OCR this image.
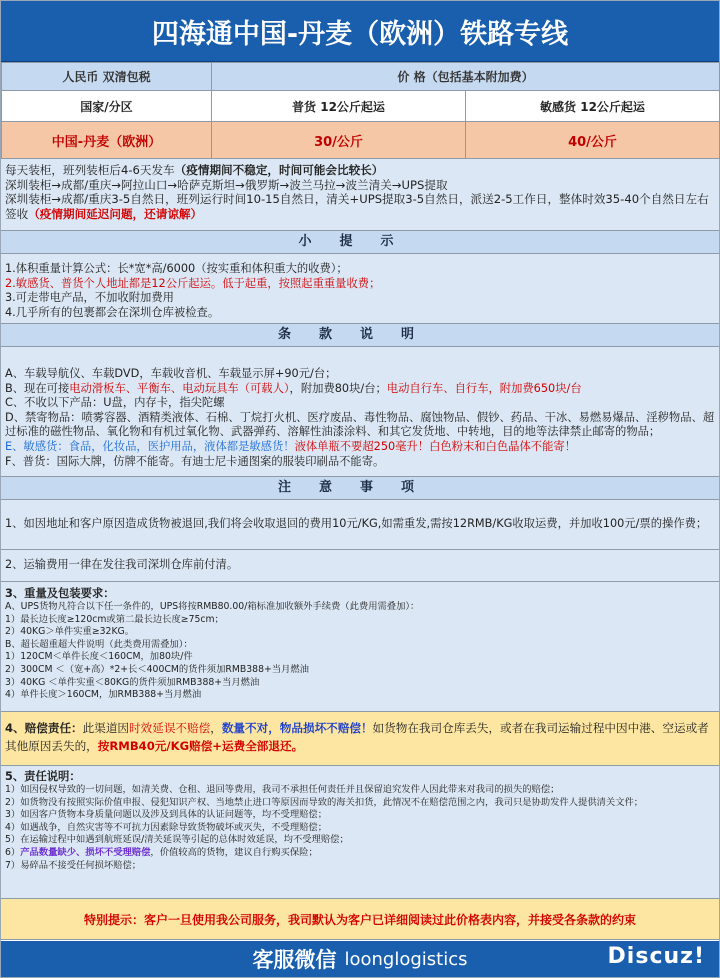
四海通中国-丹麦（欧洲）铁路专线
人民币 双清包税	价 格（包括基本附加费）	
国家/分区	普货 12公斤起运	敏感货 12公斤起运
中国-丹麦（欧洲）	30/公斤	40/公斤

每天装柜，班列装柜后4-6天发车（疫情期间不稳定，时间可能会比较长）

深圳装柜→成都/重庆→阿拉山口→哈萨克斯坦→俄罗斯→波兰马拉→波兰清关→UPS提取

深圳装柜→成都/重庆3-5自然日，班列运行时间10-15自然日，清关+UPS提取3-5自然日，派送2-5工作日，整体时效35-40个自然日左右签收（疫情期间延迟问题，还请谅解）

小提示

1.体积重量计算公式：长*宽*高/6000（按实重和体积重大的收费）；

2.敏感货、普货个人地址都是12公斤起运。低于起重，按照起重重量收费；

3.可走带电产品，不加收附加费用

4.几乎所有的包裹都会在深圳仓库被检查。

条款说明

A、车载导航仪、车载DVD，车载收音机、车载显示屏+90元/台；

B、现在可接电动滑板车、平衡车、电动玩具车（可载人），附加费80块/台；电动自行车、自行车，附加费650块/台

C、不收以下产品：U盘，内存卡，指尖陀螺

D、禁寄物品：喷雾容器、酒精类液体、石棉、丁烷打火机、医疗废品、毒性物品、腐蚀物品、假钞、药品、干冰、易燃易爆品、淫秽物品、超过标准的磁性物品、氧化物和有机过氧化物、武器弹药、溶解性油漆涂料、和其它发货地、中转地，目的地等法律禁止邮寄的物品；

E、敏感货：食品，化妆品，医护用品，液体都是敏感货！液体单瓶不要超250毫升！白色粉末和白色晶体不能寄！

F、普货：国际大牌，仿牌不能寄。有迪士尼卡通图案的服装印刷品不能寄。

注意事项

1、如因地址和客户原因造成货物被退回,我们将会收取退回的费用10元/KG,如需重发,需按12RMB/KG收取运费，并加收100元/票的操作费；

2、运输费用一律在发往我司深圳仓库前付清。

3、重量及包装要求：

A、UPS货物凡符合以下任一条件的，UPS将按RMB80.00/箱标准加收额外手续费（此费用需叠加）：

1）最长边长度≥120cm或第二最长边长度≥75cm；

2）40KG＞单件实重≥32KG。

B、超长超重超大件说明（此类费用需叠加）：

1）120CM＜单件长度＜160CM，加80块/件

2）300CM ＜（宽+高）*2+长＜400CM的货件须加RMB388+当月燃油

3）40KG ＜单件实重＜80KG的货件须加RMB388+当月燃油

4）单件长度＞160CM，加RMB388+当月燃油

4、赔偿责任：此渠道因时效延误不赔偿，数量不对，物品损坏不赔偿！如货物在我司仓库丢失，或者在我司运输过程中因中港、空运或者其他原因丢失的，按RMB40元/KG赔偿+运费全部退还。

5、责任说明：

1）如因侵权导致的一切问题，如清关费、仓租、退回等费用，我司不承担任何责任并且保留追究发件人因此带来对我司的损失的赔偿；

2）如货物没有按照实际价值申报、侵犯知识产权、当地禁止进口等原因而导致的海关扣货，此情况不在赔偿范围之内，我司只是协助发件人提供清关文件；

3）如因客户货物本身质量问题以及涉及到具体的认证问题等，均不受理赔偿；

4）如遇战争，自然灾害等不可抗力因素除导致货物破坏或灭失，不受理赔偿；

5）在运输过程中如遇到航班延误/清关延误等引起的总体时效延误，均不受理赔偿；

6）产品数量缺少、损坏不受理赔偿，价值较高的货物，建议自行购买保险；

7）易碎品不接受任何损坏赔偿；

特别提示：客户一旦使用我公司服务，我司默认为客户已详细阅读过此价格表内容，并接受各条款的约束
客服微信 loonglogistics	Discuz!
